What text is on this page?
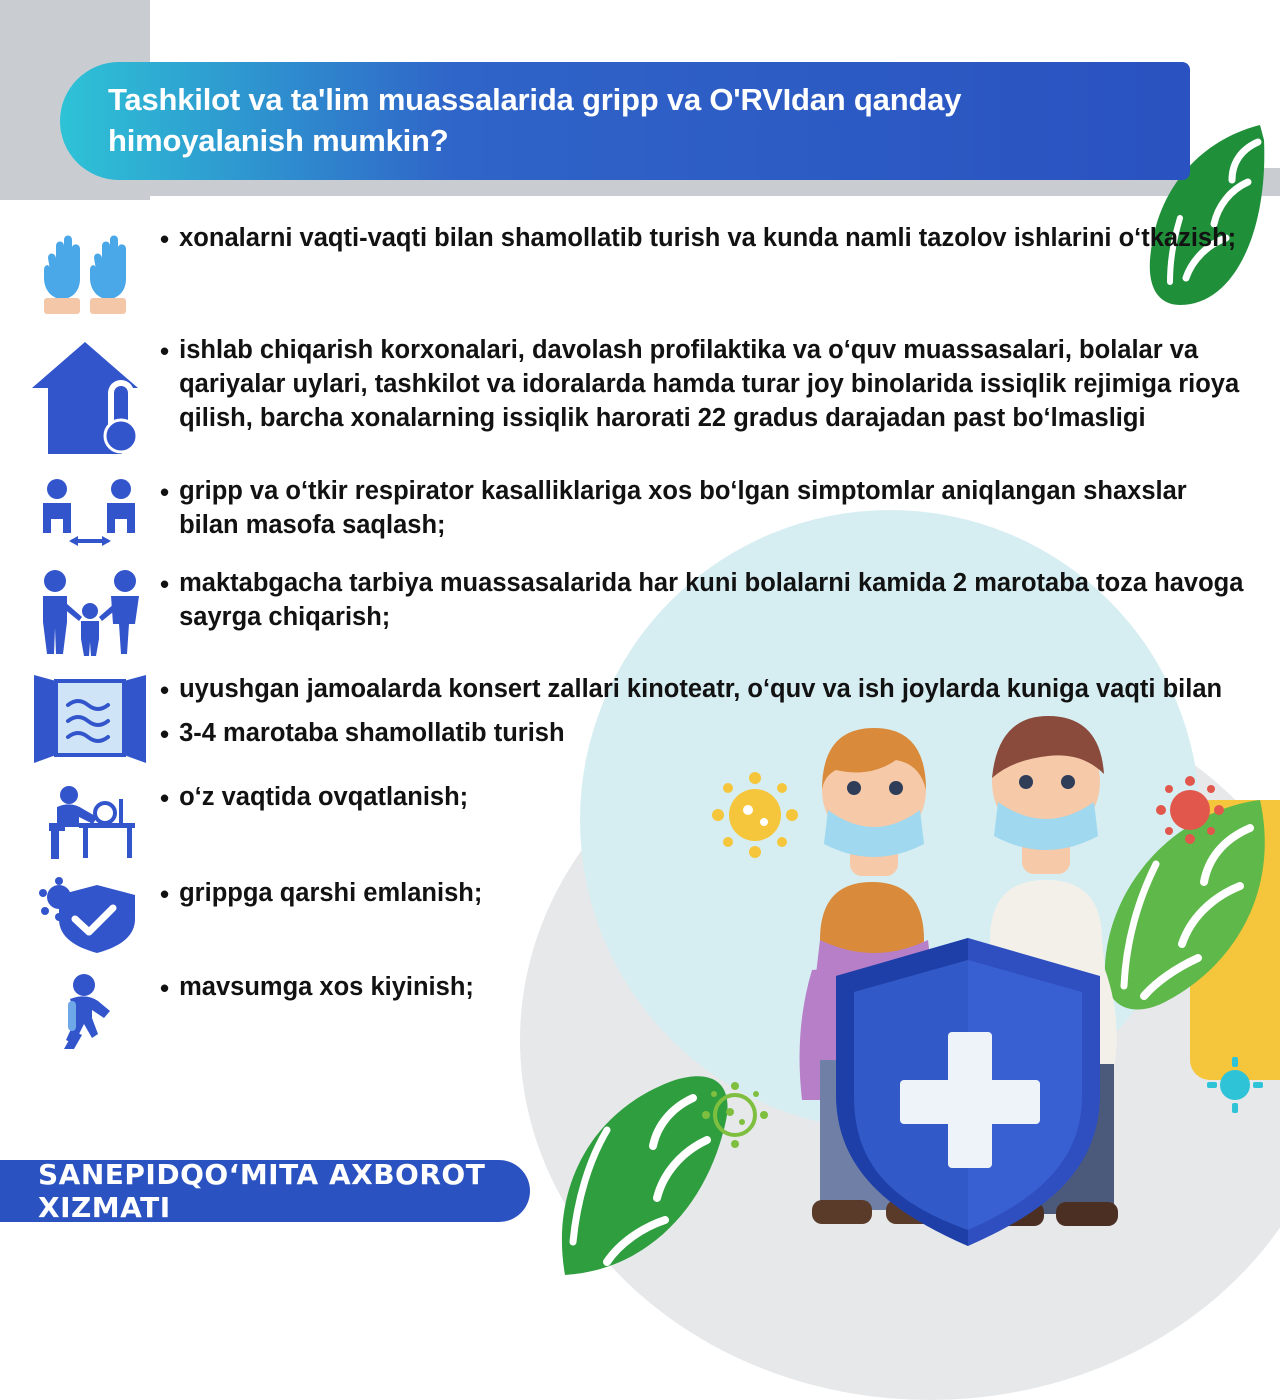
Tashkilot va ta'lim muassalarida gripp va O'RVIdan qanday himoyalanish mumkin?
• xonalarni vaqti-vaqti bilan shamollatib turish va kunda namli tazolov ishlarini o‘tkazish;
• ishlab chiqarish korxonalari, davolash profilaktika va o‘quv muassasalari, bolalar va qariyalar uylari, tashkilot va idoralarda hamda turar joy binolarida issiqlik rejimiga rioya qilish, barcha xonalarning issiqlik harorati 22 gradus darajadan past bo‘lmasligi
• gripp va o‘tkir respirator kasalliklariga xos bo‘lgan simptomlar aniqlangan shaxslar bilan masofa saqlash;
• maktabgacha tarbiya muassasalarida har kuni bolalarni kamida 2 marotaba toza havoga sayrga chiqarish;
• uyushgan jamoalarda konsert zallari kinoteatr, o‘quv va ish joylarda kuniga vaqti bilan
• 3-4 marotaba shamollatib turish
• o‘z vaqtida ovqatlanish;
• grippga qarshi emlanish;
• mavsumga xos kiyinish;
SANEPIDQO‘MITA AXBOROT XIZMATI
